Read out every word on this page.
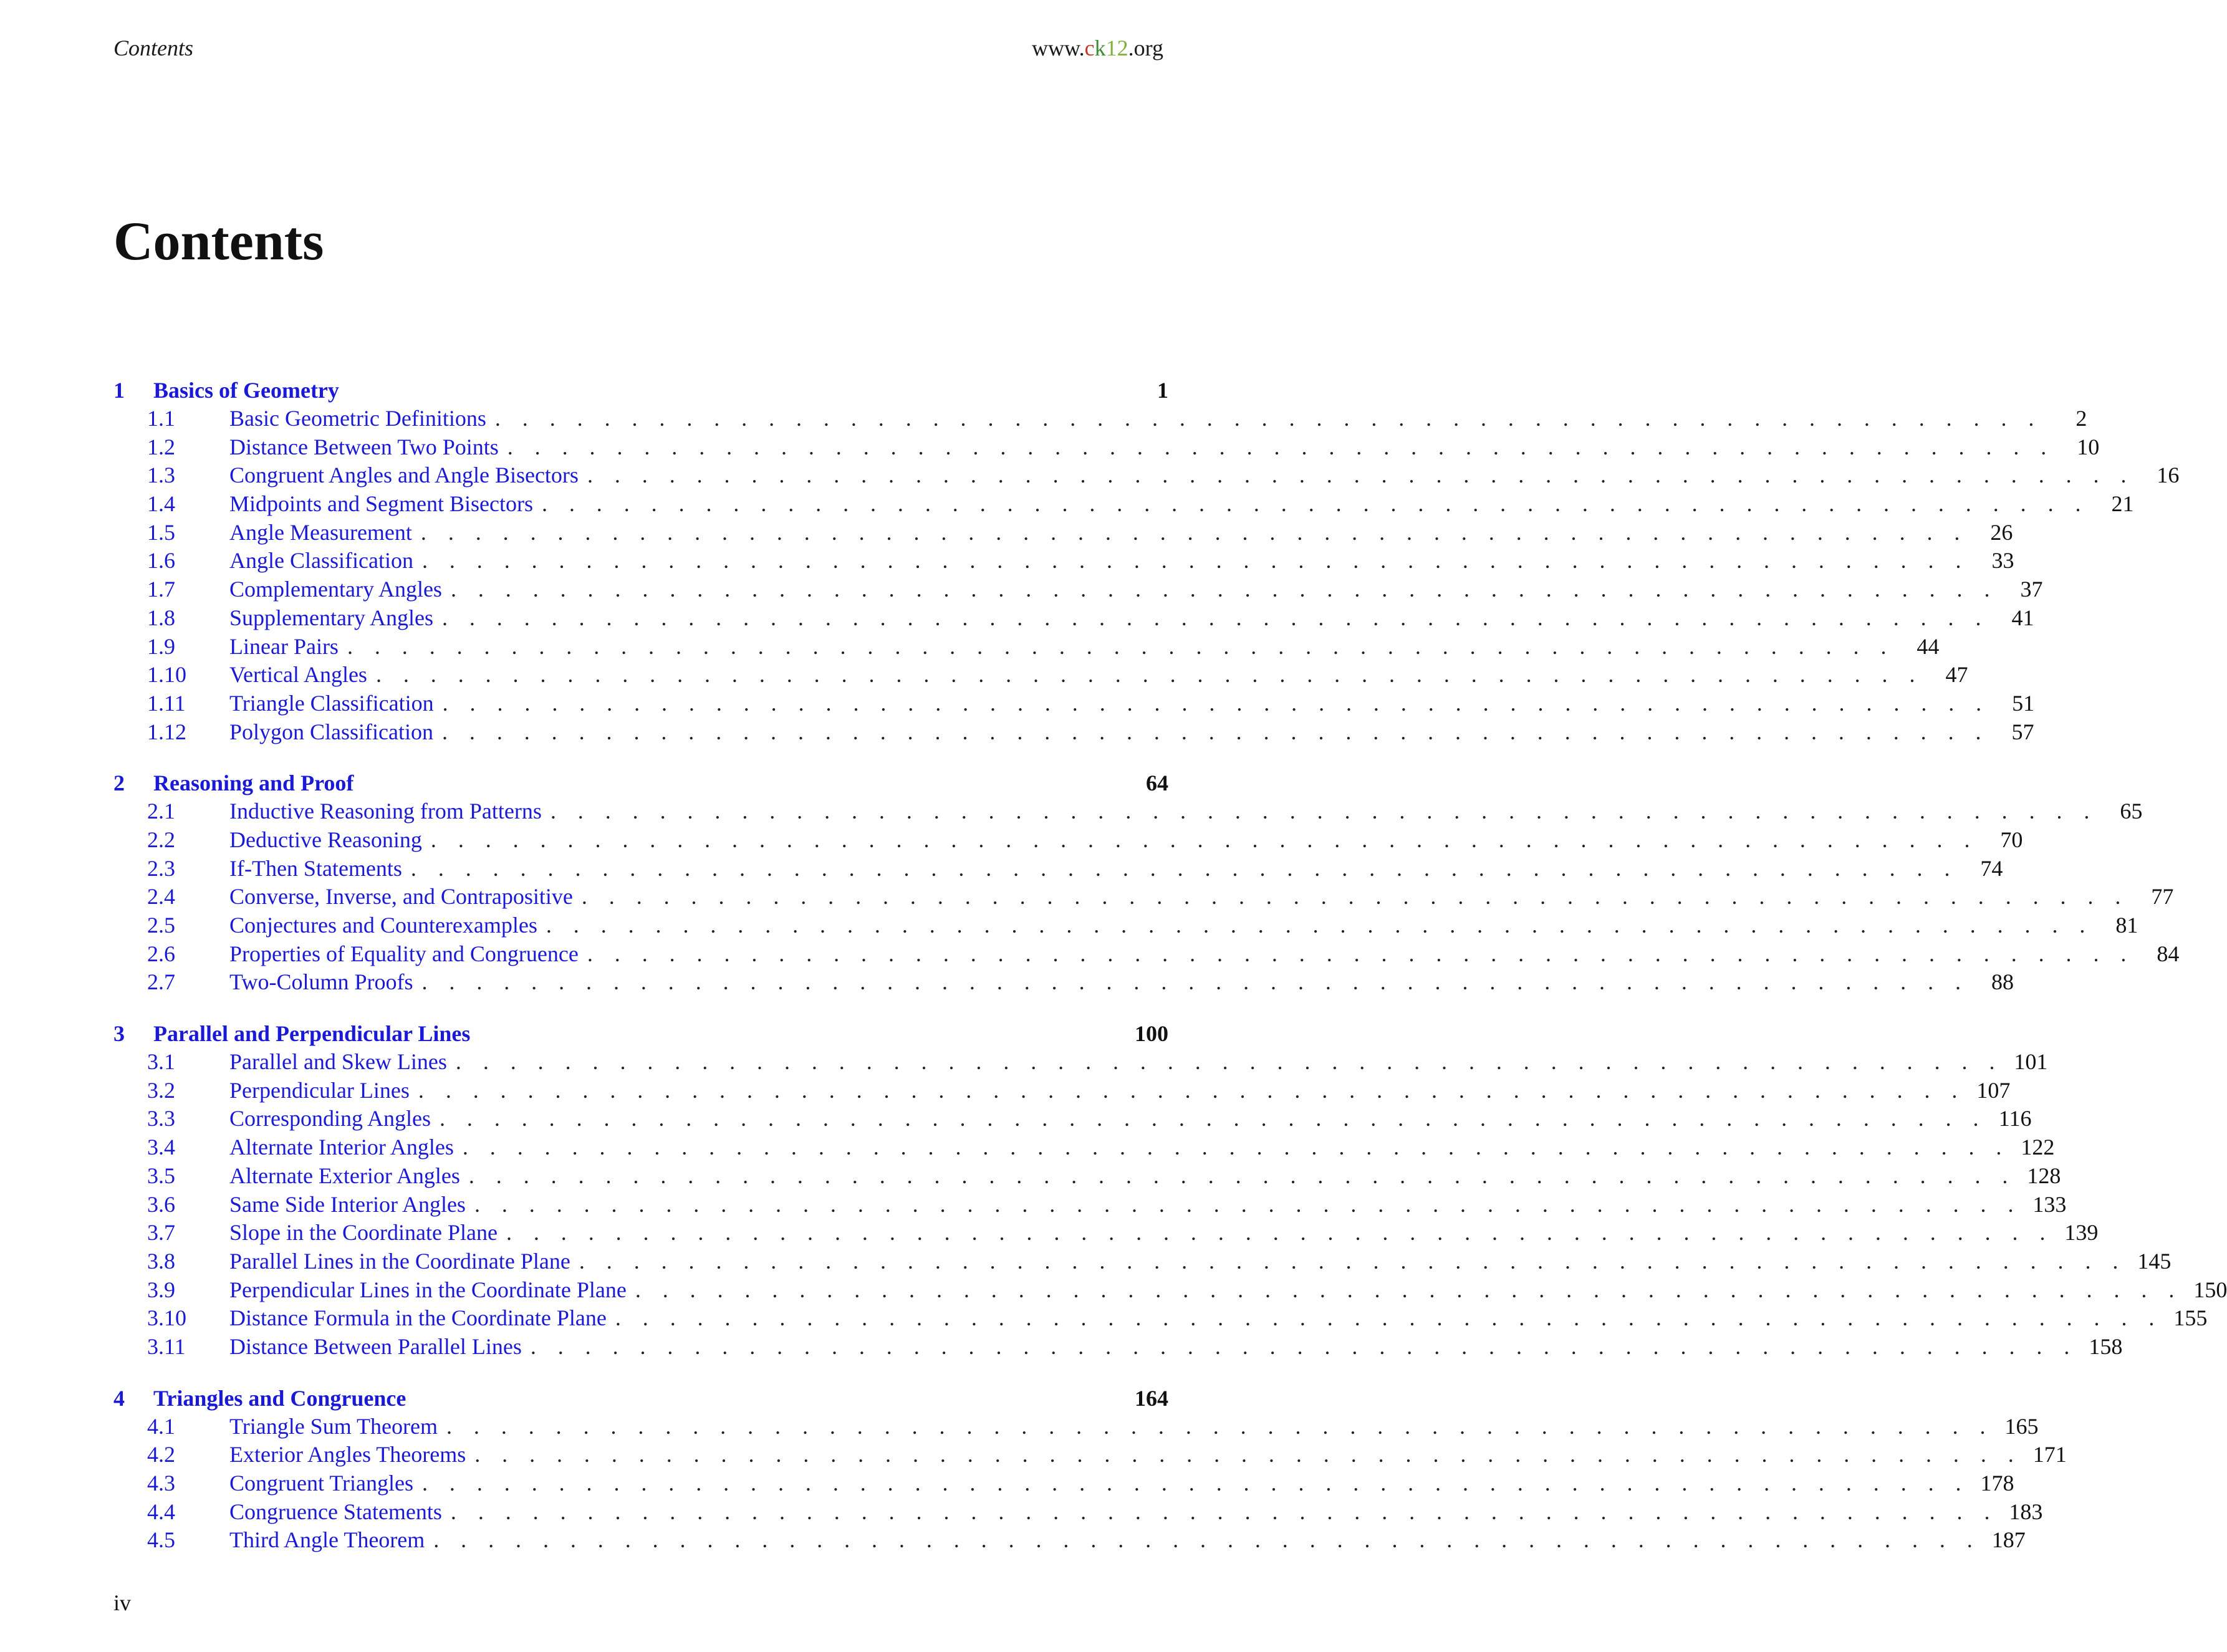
Contents	www.ck12.org
Contents
1 Basics of Geometry	1
1.1	Basic Geometric Definitions . . . . . . . . . . . . . . . . . . . . . . . . . . . . . . . . . . . . . . . . . . . . . . . . . . . . . . . . .	2
1.2	Distance Between Two Points . . . . . . . . . . . . . . . . . . . . . . . . . . . . . . . . . . . . . . . . . . . . . . . . . . . . . . . . .	10
1.3	Congruent Angles and Angle Bisectors . . . . . . . . . . . . . . . . . . . . . . . . . . . . . . . . . . . . . . . . . . . . . . . . . . . . . . . . .	16
1.4	Midpoints and Segment Bisectors . . . . . . . . . . . . . . . . . . . . . . . . . . . . . . . . . . . . . . . . . . . . . . . . . . . . . . . . .	21
1.5	Angle Measurement . . . . . . . . . . . . . . . . . . . . . . . . . . . . . . . . . . . . . . . . . . . . . . . . . . . . . . . . .	26
1.6	Angle Classification . . . . . . . . . . . . . . . . . . . . . . . . . . . . . . . . . . . . . . . . . . . . . . . . . . . . . . . . .	33
1.7	Complementary Angles . . . . . . . . . . . . . . . . . . . . . . . . . . . . . . . . . . . . . . . . . . . . . . . . . . . . . . . . .	37
1.8	Supplementary Angles . . . . . . . . . . . . . . . . . . . . . . . . . . . . . . . . . . . . . . . . . . . . . . . . . . . . . . . . .	41
1.9	Linear Pairs . . . . . . . . . . . . . . . . . . . . . . . . . . . . . . . . . . . . . . . . . . . . . . . . . . . . . . . . .	44
1.10	Vertical Angles . . . . . . . . . . . . . . . . . . . . . . . . . . . . . . . . . . . . . . . . . . . . . . . . . . . . . . . . .	47
1.11	Triangle Classification . . . . . . . . . . . . . . . . . . . . . . . . . . . . . . . . . . . . . . . . . . . . . . . . . . . . . . . . .	51
1.12	Polygon Classification . . . . . . . . . . . . . . . . . . . . . . . . . . . . . . . . . . . . . . . . . . . . . . . . . . . . . . . . .	57
2 Reasoning and Proof	64
2.1	Inductive Reasoning from Patterns . . . . . . . . . . . . . . . . . . . . . . . . . . . . . . . . . . . . . . . . . . . . . . . . . . . . . . . . .	65
2.2	Deductive Reasoning . . . . . . . . . . . . . . . . . . . . . . . . . . . . . . . . . . . . . . . . . . . . . . . . . . . . . . . . .	70
2.3	If-Then Statements . . . . . . . . . . . . . . . . . . . . . . . . . . . . . . . . . . . . . . . . . . . . . . . . . . . . . . . . .	74
2.4	Converse, Inverse, and Contrapositive . . . . . . . . . . . . . . . . . . . . . . . . . . . . . . . . . . . . . . . . . . . . . . . . . . . . . . . . .	77
2.5	Conjectures and Counterexamples . . . . . . . . . . . . . . . . . . . . . . . . . . . . . . . . . . . . . . . . . . . . . . . . . . . . . . . . .	81
2.6	Properties of Equality and Congruence . . . . . . . . . . . . . . . . . . . . . . . . . . . . . . . . . . . . . . . . . . . . . . . . . . . . . . . . .	84
2.7	Two-Column Proofs . . . . . . . . . . . . . . . . . . . . . . . . . . . . . . . . . . . . . . . . . . . . . . . . . . . . . . . . .	88
3 Parallel and Perpendicular Lines	100
3.1	Parallel and Skew Lines . . . . . . . . . . . . . . . . . . . . . . . . . . . . . . . . . . . . . . . . . . . . . . . . . . . . . . . . . 101
3.2	Perpendicular Lines . . . . . . . . . . . . . . . . . . . . . . . . . . . . . . . . . . . . . . . . . . . . . . . . . . . . . . . . . 107
3.3	Corresponding Angles . . . . . . . . . . . . . . . . . . . . . . . . . . . . . . . . . . . . . . . . . . . . . . . . . . . . . . . . . 116
3.4	Alternate Interior Angles . . . . . . . . . . . . . . . . . . . . . . . . . . . . . . . . . . . . . . . . . . . . . . . . . . . . . . . . . 122
3.5	Alternate Exterior Angles . . . . . . . . . . . . . . . . . . . . . . . . . . . . . . . . . . . . . . . . . . . . . . . . . . . . . . . . . 128
3.6	Same Side Interior Angles . . . . . . . . . . . . . . . . . . . . . . . . . . . . . . . . . . . . . . . . . . . . . . . . . . . . . . . . . 133
3.7	Slope in the Coordinate Plane . . . . . . . . . . . . . . . . . . . . . . . . . . . . . . . . . . . . . . . . . . . . . . . . . . . . . . . . . 139
3.8	Parallel Lines in the Coordinate Plane . . . . . . . . . . . . . . . . . . . . . . . . . . . . . . . . . . . . . . . . . . . . . . . . . . . . . . . . . 145
3.9	Perpendicular Lines in the Coordinate Plane . . . . . . . . . . . . . . . . . . . . . . . . . . . . . . . . . . . . . . . . . . . . . . . . . . . . . . . . . 150
3.10	Distance Formula in the Coordinate Plane . . . . . . . . . . . . . . . . . . . . . . . . . . . . . . . . . . . . . . . . . . . . . . . . . . . . . . . . . 155
3.11	Distance Between Parallel Lines . . . . . . . . . . . . . . . . . . . . . . . . . . . . . . . . . . . . . . . . . . . . . . . . . . . . . . . . . 158
4 Triangles and Congruence	164
4.1	Triangle Sum Theorem . . . . . . . . . . . . . . . . . . . . . . . . . . . . . . . . . . . . . . . . . . . . . . . . . . . . . . . . . 165
4.2	Exterior Angles Theorems . . . . . . . . . . . . . . . . . . . . . . . . . . . . . . . . . . . . . . . . . . . . . . . . . . . . . . . . . 171
4.3	Congruent Triangles . . . . . . . . . . . . . . . . . . . . . . . . . . . . . . . . . . . . . . . . . . . . . . . . . . . . . . . . . 178
4.4	Congruence Statements . . . . . . . . . . . . . . . . . . . . . . . . . . . . . . . . . . . . . . . . . . . . . . . . . . . . . . . . . 183
4.5	Third Angle Theorem . . . . . . . . . . . . . . . . . . . . . . . . . . . . . . . . . . . . . . . . . . . . . . . . . . . . . . . . . 187
iv
